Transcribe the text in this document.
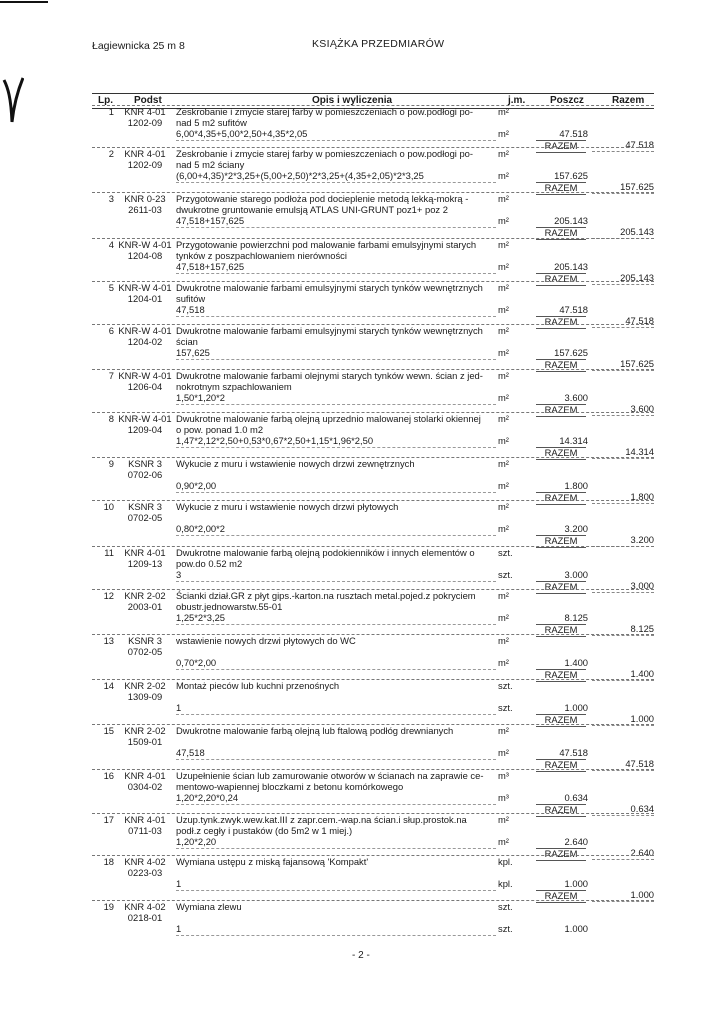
Łagiewnicka 25 m 8	KSIĄŻKA PRZEDMIARÓW
Lp. Podst	Opis i wyliczenia	j.m. Poszcz	Razem
1	KNR 4-01
1202-09
Zeskrobanie i zmycie starej farby w pomieszczeniach o pow.podłogi po-
nad 5 m2 sufitów
6,00*4,35+5,00*2,50+4,35*2,05
m²
m²	47.518
RAZEM	47.518
2	KNR 4-01
1202-09
Zeskrobanie i zmycie starej farby w pomieszczeniach o pow.podłogi po-
nad 5 m2 ściany
(6,00+4,35)*2*3,25+(5,00+2,50)*2*3,25+(4,35+2,05)*2*3,25
m²
m²	157.625
RAZEM	157.625
3	KNR 0-23
2611-03
Przygotowanie starego podłoża pod docieplenie metodą lekką-mokrą -
dwukrotne gruntowanie emulsją ATLAS UNI-GRUNT poz1+ poz 2
47,518+157,625
m²
m²	205.143
RAZEM	205.143
4 KNR-W 4-01
1204-08
Przygotowanie powierzchni pod malowanie farbami emulsyjnymi starych
tynków z poszpachlowaniem nierówności
47,518+157,625
m²
m²	205.143
RAZEM	205.143
5 KNR-W 4-01
1204-01
Dwukrotne malowanie farbami emulsyjnymi starych tynków wewnętrznych
sufitów
47,518
m²
m²	47.518
RAZEM	47.518
6 KNR-W 4-01
1204-02
Dwukrotne malowanie farbami emulsyjnymi starych tynków wewnętrznych
ścian
157,625
m²
m²	157.625
RAZEM	157.625
7 KNR-W 4-01
1206-04
Dwukrotne malowanie farbami olejnymi starych tynków wewn. ścian z jed-
nokrotnym szpachlowaniem
1,50*1,20*2
m²
m²	3.600
RAZEM	3.600
8 KNR-W 4-01
1209-04
Dwukrotne malowanie farbą olejną uprzednio malowanej stolarki okiennej
o pow. ponad 1.0 m2
1,47*2,12*2,50+0,53*0,67*2,50+1,15*1,96*2,50
m²
m²	14.314
RAZEM	14.314
9	KSNR 3
0702-06
Wykucie z muru i wstawienie nowych drzwi zewnętrznych

0,90*2,00
m²
m²	1.800
RAZEM	1.800
10	KSNR 3
0702-05
Wykucie z muru i wstawienie nowych drzwi płytowych

0,80*2,00*2
m²
m²	3.200
RAZEM	3.200
11	KNR 4-01
1209-13
Dwukrotne malowanie farbą olejną podokienników i innych elementów o
pow.do 0.52 m2
3
szt.
szt.	3.000
RAZEM	3.000
12	KNR 2-02
2003-01
Ścianki dział.GR z płyt gips.-karton.na rusztach metal.pojed.z pokryciem
obustr.jednowarstw.55-01
1,25*2*3,25
m²
m²	8.125
RAZEM	8.125
13	KSNR 3
0702-05
wstawienie nowych drzwi płytowych do WC

0,70*2,00
m²
m²	1.400
RAZEM	1.400
14	KNR 2-02
1309-09
Montaż pieców lub kuchni przenośnych

1
szt.
szt.	1.000
RAZEM	1.000
15	KNR 2-02
1509-01
Dwukrotne malowanie farbą olejną lub ftalową podłóg drewnianych

47,518
m²
m²	47.518
RAZEM	47.518
16	KNR 4-01
0304-02
Uzupełnienie ścian lub zamurowanie otworów w ścianach na zaprawie ce-
mentowo-wapiennej bloczkami z betonu komórkowego
1,20*2,20*0,24
m³
m³	0.634
RAZEM	0.634
17	KNR 4-01
0711-03
Uzup.tynk.zwyk.wew.kat.III z zapr.cem.-wap.na ścian.i słup.prostok.na
podł.z cegły i pustaków (do 5m2 w 1 miej.)
1,20*2,20
m²
m²	2.640
RAZEM	2.640
18	KNR 4-02
0223-03
Wymiana ustępu z miską fajansową 'Kompakt'

1
kpl.
kpl.	1.000
RAZEM	1.000
19	KNR 4-02
0218-01
Wymiana zlewu

1
szt.
szt.	1.000
- 2 -
